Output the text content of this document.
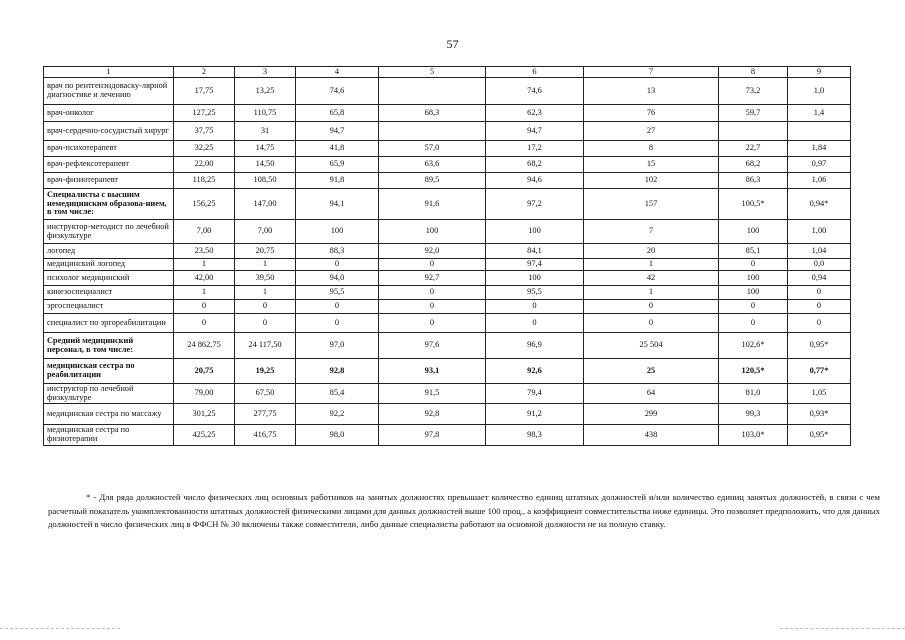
57
1	2	3	4	5	6	7	8	9
врач по рентгенэндоваску-лярной диагностике и лечению	17,75	13,25	74,6		74,6	13	73,2	1,0
врач-онколог	127,25	110,75	65,8	68,3	62,3	76	59,7	1,4
врач-сердечно-сосудистый хирург	37,75	31	94,7		94,7	27		
врач-психотерапевт	32,25	14,75	41,8	57,0	17,2	8	22,7	1,84
врач-рефлексотерапевт	22,00	14,50	65,9	63,6	68,2	15	68,2	0,97
врач-физиотерапевт	118,25	108,50	91,8	89,5	94,6	102	86,3	1,06
Специалисты с высшим немедицинским образова-нием, в том числе:	156,25	147,00	94,1	91,6	97,2	157	100,5*	0,94*
инструктор-методист по лечебной физкультуре	7,00	7,00	100	100	100	7	100	1,00
логопед	23,50	20,75	88,3	92,0	84,1	20	85,1	1,04
медицинский логопед	1	1	0	0	97,4	1	0	0,0
психолог медицинский	42,00	39,50	94,0	92,7	100	42	100	0,94
кинезоспециалист	1	1	95,5	0	95,5	1	100	0
эргоспециалист	0	0	0	0	0	0	0	0
специалист по эргореабилитации	0	0	0	0	0	0	0	0
Средний медицинский персонал, в том числе:	24 862,75	24 117,50	97,0	97,6	96,9	25 504	102,6*	0,95*
медицинская сестра по реабилитации	20,75	19,25	92,8	93,1	92,6	25	120,5*	0,77*
инструктор по лечебной физкультуре	79,00	67,50	85,4	91,5	79,4	64	81,0	1,05
медицинская сестра по массажу	301,25	277,75	92,2	92,8	91,2	299	99,3	0,93*
медицинская сестра по физиотерапии	425,25	416,75	98,0	97,8	98,3	438	103,0*	0,95*

* - Для ряда должностей число физических лиц основных работников на занятых должностях превышает количество единиц штатных должностей и/или количество единиц занятых должностей, в связи с чем расчетный показатель укомплектованности штатных должностей физическими лицами для данных должностей выше 100 проц., а коэффициент совместительства ниже единицы. Это позволяет предположить, что для данных должностей в число физических лиц в ФФСН № 30 включены также совместители, либо данные специалисты работают на основной должности не на полную ставку.
